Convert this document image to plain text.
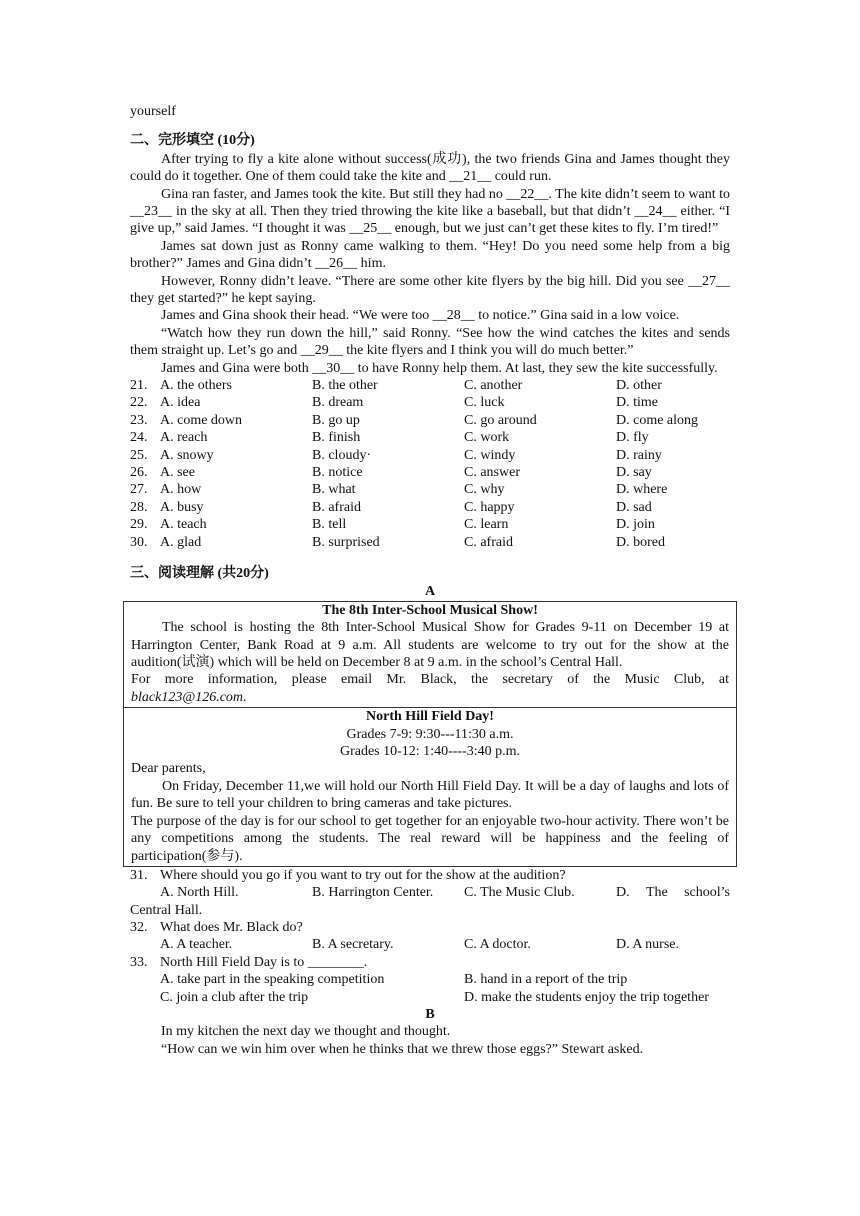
yourself

二、完形填空 (10分)

After trying to fly a kite alone without success(成功), the two friends Gina and James thought they could do it together. One of them could take the kite and __21__ could run.

Gina ran faster, and James took the kite. But still they had no __22__. The kite didn’t seem to want to __23__ in the sky at all. Then they tried throwing the kite like a baseball, but that didn’t __24__ either. “I give up,” said James. “I thought it was __25__ enough, but we just can’t get these kites to fly. I’m tired!”

James sat down just as Ronny came walking to them. “Hey! Do you need some help from a big brother?” James and Gina didn’t __26__ him.

However, Ronny didn’t leave. “There are some other kite flyers by the big hill. Did you see __27__ they get started?” he kept saying.

James and Gina shook their head. “We were too __28__ to notice.” Gina said in a low voice.

“Watch how they run down the hill,” said Ronny. “See how the wind catches the kites and sends them straight up. Let’s go and __29__ the kite flyers and I think you will do much better.”

James and Gina were both __30__ to have Ronny help them. At last, they sew the kite successfully.

21. A. the others	B. the other	C. another	D. other
22. A. idea	B. dream	C. luck	D. time
23. A. come down	B. go up	C. go around	D. come along
24. A. reach	B. finish	C. work	D. fly
25. A. snowy	B. cloudy·	C. windy	D. rainy
26. A. see	B. notice	C. answer	D. say
27. A. how	B. what	C. why	D. where
28. A. busy	B. afraid	C. happy	D. sad
29. A. teach	B. tell	C. learn	D. join
30. A. glad	B. surprised	C. afraid	D. bored

三、阅读理解 (共20分)

A

The 8th Inter-School Musical Show!

The school is hosting the 8th Inter-School Musical Show for Grades 9-11 on December 19 at Harrington Center, Bank Road at 9 a.m. All students are welcome to try out for the show at the audition(试演) which will be held on December 8 at 9 a.m. in the school’s Central Hall.

For more information, please email Mr. Black, the secretary of the Music Club, at

black123@126.com.

North Hill Field Day!

Grades 7-9: 9:30---11:30 a.m.

Grades 10-12: 1:40----3:40 p.m.

Dear parents,

On Friday, December 11,we will hold our North Hill Field Day. It will be a day of laughs and lots of fun. Be sure to tell your children to bring cameras and take pictures.

The purpose of the day is for our school to get together for an enjoyable two-hour activity. There won’t be any competitions among the students. The real reward will be happiness and the feeling of participation(参与).

31. Where should you go if you want to try out for the show at the audition?
A. North Hill.	B. Harrington Center.	C. The Music Club.	D. The school’s

Central Hall.

32. What does Mr. Black do?
A. A teacher.	B. A secretary.	C. A doctor.	D. A nurse.
33. North Hill Field Day is to ________.
A. take part in the speaking competition	B. hand in a report of the trip
C. join a club after the trip	D. make the students enjoy the trip together

B

In my kitchen the next day we thought and thought.

“How can we win him over when he thinks that we threw those eggs?” Stewart asked.
